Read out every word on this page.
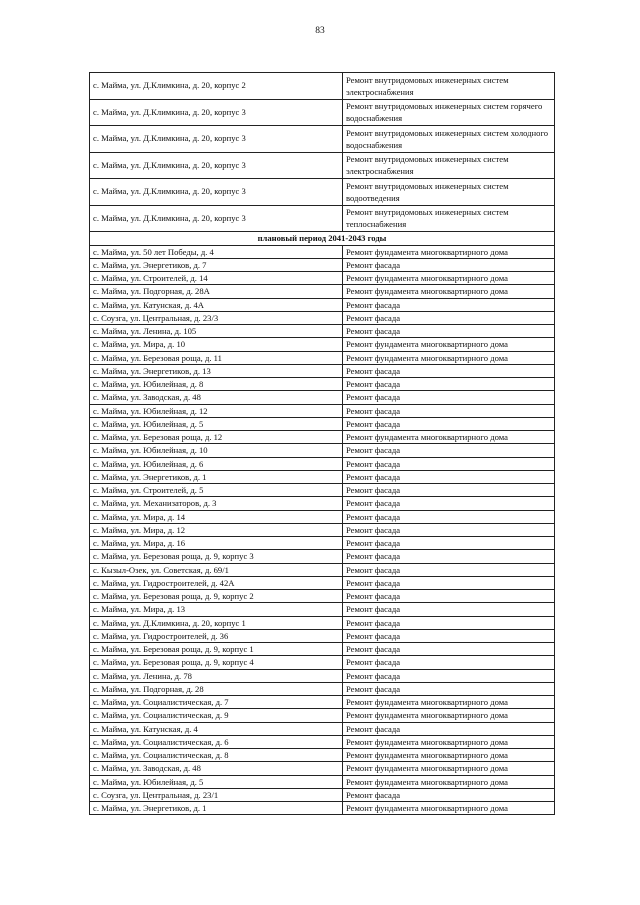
83
с. Майма, ул. Д.Климкина, д. 20, корпус 2	Ремонт внутридомовых инженерных систем электроснабжения
с. Майма, ул. Д.Климкина, д. 20, корпус 3	Ремонт внутридомовых инженерных систем горячего водоснабжения
с. Майма, ул. Д.Климкина, д. 20, корпус 3	Ремонт внутридомовых инженерных систем холодного водоснабжения
с. Майма, ул. Д.Климкина, д. 20, корпус 3	Ремонт внутридомовых инженерных систем электроснабжения
с. Майма, ул. Д.Климкина, д. 20, корпус 3	Ремонт внутридомовых инженерных систем водоотведения
с. Майма, ул. Д.Климкина, д. 20, корпус 3	Ремонт внутридомовых инженерных систем теплоснабжения
плановый период 2041-2043 годы	
с. Майма, ул. 50 лет Победы, д. 4	Ремонт фундамента многоквартирного дома
с. Майма, ул. Энергетиков, д. 7	Ремонт фасада
с. Майма, ул. Строителей, д. 14	Ремонт фундамента многоквартирного дома
с. Майма, ул. Подгорная, д. 28А	Ремонт фундамента многоквартирного дома
с. Майма, ул. Катунская, д. 4А	Ремонт фасада
с. Соузга, ул. Центральная, д. 23/3	Ремонт фасада
с. Майма, ул. Ленина, д. 105	Ремонт фасада
с. Майма, ул. Мира, д. 10	Ремонт фундамента многоквартирного дома
с. Майма, ул. Березовая роща, д. 11	Ремонт фундамента многоквартирного дома
с. Майма, ул. Энергетиков, д. 13	Ремонт фасада
с. Майма, ул. Юбилейная, д. 8	Ремонт фасада
с. Майма, ул. Заводская, д. 48	Ремонт фасада
с. Майма, ул. Юбилейная, д. 12	Ремонт фасада
с. Майма, ул. Юбилейная, д. 5	Ремонт фасада
с. Майма, ул. Березовая роща, д. 12	Ремонт фундамента многоквартирного дома
с. Майма, ул. Юбилейная, д. 10	Ремонт фасада
с. Майма, ул. Юбилейная, д. 6	Ремонт фасада
с. Майма, ул. Энергетиков, д. 1	Ремонт фасада
с. Майма, ул. Строителей, д. 5	Ремонт фасада
с. Майма, ул. Механизаторов, д. 3	Ремонт фасада
с. Майма, ул. Мира, д. 14	Ремонт фасада
с. Майма, ул. Мира, д. 12	Ремонт фасада
с. Майма, ул. Мира, д. 16	Ремонт фасада
с. Майма, ул. Березовая роща, д. 9, корпус 3	Ремонт фасада
с. Кызыл-Озек, ул. Советская, д. 69/1	Ремонт фасада
с. Майма, ул. Гидростроителей, д. 42А	Ремонт фасада
с. Майма, ул. Березовая роща, д. 9, корпус 2	Ремонт фасада
с. Майма, ул. Мира, д. 13	Ремонт фасада
с. Майма, ул. Д.Климкина, д. 20, корпус 1	Ремонт фасада
с. Майма, ул. Гидростроителей, д. 36	Ремонт фасада
с. Майма, ул. Березовая роща, д. 9, корпус 1	Ремонт фасада
с. Майма, ул. Березовая роща, д. 9, корпус 4	Ремонт фасада
с. Майма, ул. Ленина, д. 78	Ремонт фасада
с. Майма, ул. Подгорная, д. 28	Ремонт фасада
с. Майма, ул. Социалистическая, д. 7	Ремонт фундамента многоквартирного дома
с. Майма, ул. Социалистическая, д. 9	Ремонт фундамента многоквартирного дома
с. Майма, ул. Катунская, д. 4	Ремонт фасада
с. Майма, ул. Социалистическая, д. 6	Ремонт фундамента многоквартирного дома
с. Майма, ул. Социалистическая, д. 8	Ремонт фундамента многоквартирного дома
с. Майма, ул. Заводская, д. 48	Ремонт фундамента многоквартирного дома
с. Майма, ул. Юбилейная, д. 5	Ремонт фундамента многоквартирного дома
с. Соузга, ул. Центральная, д. 23/1	Ремонт фасада
с. Майма, ул. Энергетиков, д. 1	Ремонт фундамента многоквартирного дома
